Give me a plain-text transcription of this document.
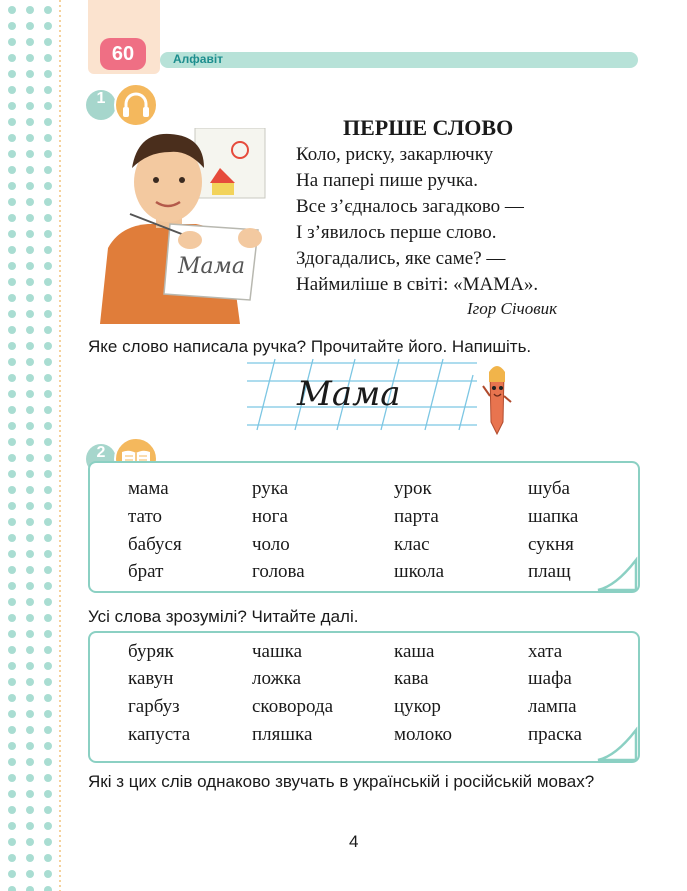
60	Алфавіт
1
Мама
ПЕРШЕ СЛОВО
Коло, риску, закарлючку
На папері пише ручка.
Все з’єдналось загадково —
І з’явилось перше слово.
Здогадались, яке саме? —
Наймиліше в світі: «МАМА».
Ігор Січовик
Яке слово написала ручка? Прочитайте його. Напишіть.
Мама
2
мама	рука	урок	шуба
тато	нога	парта	шапка
бабуся	чоло	клас	сукня
брат	голова	школа	плащ
Усі слова зрозумілі? Читайте далі.
буряк	чашка	каша	хата
кавун	ложка	кава	шафа
гарбуз	сковорода	цукор	лампа
капуста	пляшка	молоко	праска
Які з цих слів однаково звучать в українській і російській мовах?
4
